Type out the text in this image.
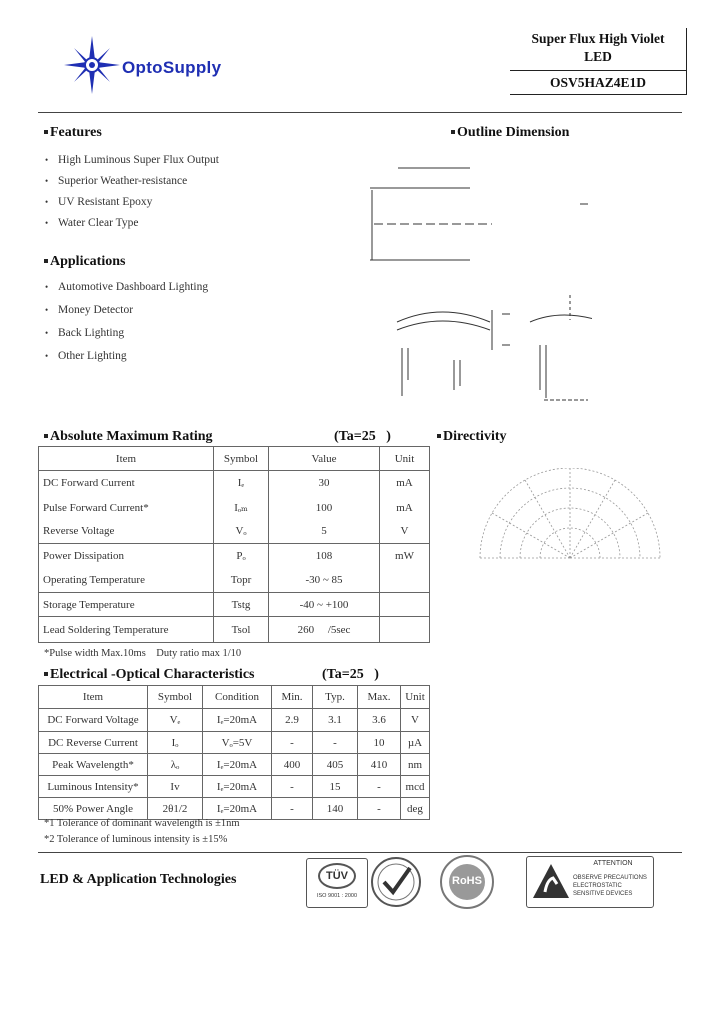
OptoSupply
Super Flux High Violet
LED
OSV5HAZ4E1D
Features
• High Luminous Super Flux Output
• Superior Weather-resistance
• UV Resistant Epoxy
• Water Clear Type
Applications
• Automotive Dashboard Lighting
• Money Detector
• Back Lighting
• Other Lighting
Outline Dimension
Absolute Maximum Rating	(Ta=25   )
Item	Symbol	Value	Unit
DC Forward Current	Iₑ	30	mA
Pulse Forward Current*	Iₒₘ	100	mA
Reverse Voltage	Vₒ	5	V
Power Dissipation	Pₒ	108	mW
Operating Temperature	Topr	-30 ~ 85	
Storage Temperature	Tstg	-40 ~ +100	
Lead Soldering Temperature	Tsol	260     /5sec	
*Pulse width Max.10ms    Duty ratio max 1/10
Directivity
Electrical -Optical Characteristics	(Ta=25   )
Item	Symbol	Condition	Min.	Typ.	Max.	Unit
DC Forward Voltage	Vₑ	Iₑ=20mA	2.9	3.1	3.6	V
DC Reverse Current	Iₒ	Vₒ=5V	-	-	10	µA
Peak Wavelength*	λₒ	Iₑ=20mA	400	405	410	nm
Luminous Intensity*	Iv	Iₑ=20mA	-	15	-	mcd
50% Power Angle	2θ1/2	Iₑ=20mA	-	140	-	deg
*1 Tolerance of dominant wavelength is ±1nm
*2 Tolerance of luminous intensity is ±15%
LED & Application Technologies	TÜV
ISO 9001 : 2000
RoHS
ATTENTION
OBSERVE PRECAUTIONS
ELECTROSTATIC
SENSITIVE DEVICES
